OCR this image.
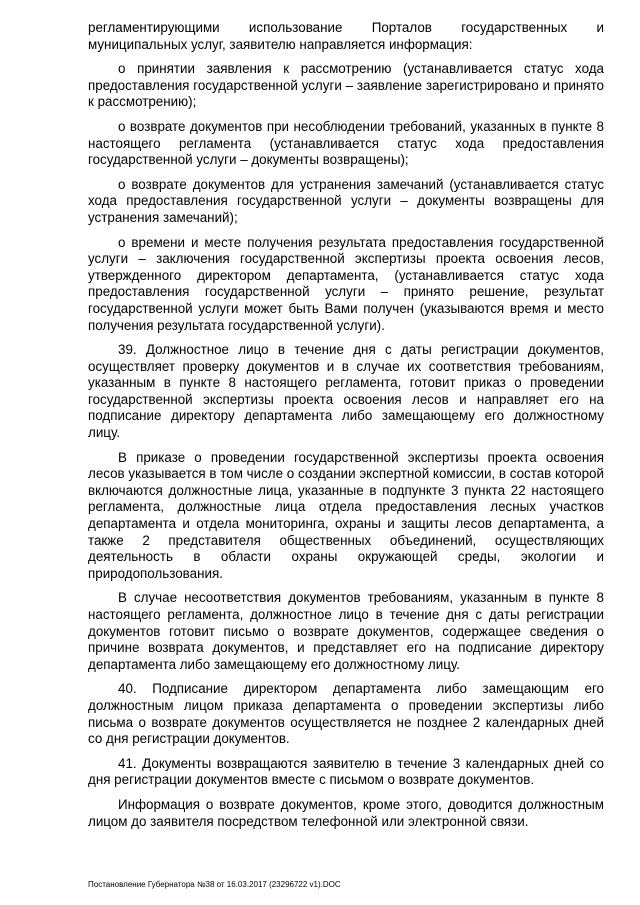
регламентирующими использование Порталов государственных и муниципальных услуг, заявителю направляется информация:

о принятии заявления к рассмотрению (устанавливается статус хода предоставления государственной услуги – заявление зарегистрировано и принято к рассмотрению);

о возврате документов при несоблюдении требований, указанных в пункте 8 настоящего регламента (устанавливается статус хода предоставления государственной услуги – документы возвращены);

о возврате документов для устранения замечаний (устанавливается статус хода предоставления государственной услуги – документы возвращены для устранения замечаний);

о времени и месте получения результата предоставления государственной услуги – заключения государственной экспертизы проекта освоения лесов, утвержденного директором департамента, (устанавливается статус хода предоставления государственной услуги – принято решение, результат государственной услуги может быть Вами получен (указываются время и место получения результата государственной услуги).

39. Должностное лицо в течение дня с даты регистрации документов, осуществляет проверку документов и в случае их соответствия требованиям, указанным в пункте 8 настоящего регламента, готовит приказ о проведении государственной экспертизы проекта освоения лесов и направляет его на подписание директору департамента либо замещающему его должностному лицу.

В приказе о проведении государственной экспертизы проекта освоения лесов указывается в том числе о создании экспертной комиссии, в состав которой включаются должностные лица, указанные в подпункте 3 пункта 22 настоящего регламента, должностные лица отдела предоставления лесных участков департамента и отдела мониторинга, охраны и защиты лесов департамента, а также 2 представителя общественных объединений, осуществляющих деятельность в области охраны окружающей среды, экологии и природопользования.

В случае несоответствия документов требованиям, указанным в пункте 8 настоящего регламента, должностное лицо в течение дня с даты регистрации документов готовит письмо о возврате документов, содержащее сведения о причине возврата документов, и представляет его на подписание директору департамента либо замещающему его должностному лицу.

40. Подписание директором департамента либо замещающим его должностным лицом приказа департамента о проведении экспертизы либо письма о возврате документов осуществляется не позднее 2 календарных дней со дня регистрации документов.

41. Документы возвращаются заявителю в течение 3 календарных дней со дня регистрации документов вместе с письмом о возврате документов.

Информация о возврате документов, кроме этого, доводится должностным лицом до заявителя посредством телефонной или электронной связи.

Постановление Губернатора №38 от 16.03.2017 (23296722 v1).DOC
